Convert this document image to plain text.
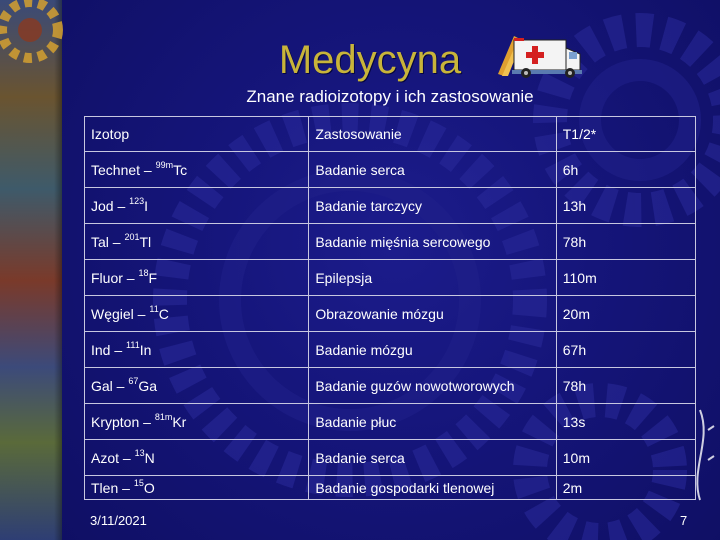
Medycyna
Znane radioizotopy i ich zastosowanie
Izotop	Zastosowanie	T1/2*
Technet – $^{99m}$Tc	Badanie serca	6h
Jod – $^{123}$I	Badanie tarczycy	13h
Tal – $^{201}$Tl	Badanie mięśnia sercowego	78h
Fluor – $^{18}$F	Epilepsja	110m
Węgiel – $^{11}$C	Obrazowanie mózgu	20m
Ind – $^{111}$In	Badanie mózgu	67h
Gal – $^{67}$Ga	Badanie guzów nowotworowych	78h
Krypton – $^{81m}$Kr	Badanie płuc	13s
Azot – $^{13}$N	Badanie serca	10m
Tlen – $^{15}$O	Badanie gospodarki tlenowej	2m
3/11/2021	7
